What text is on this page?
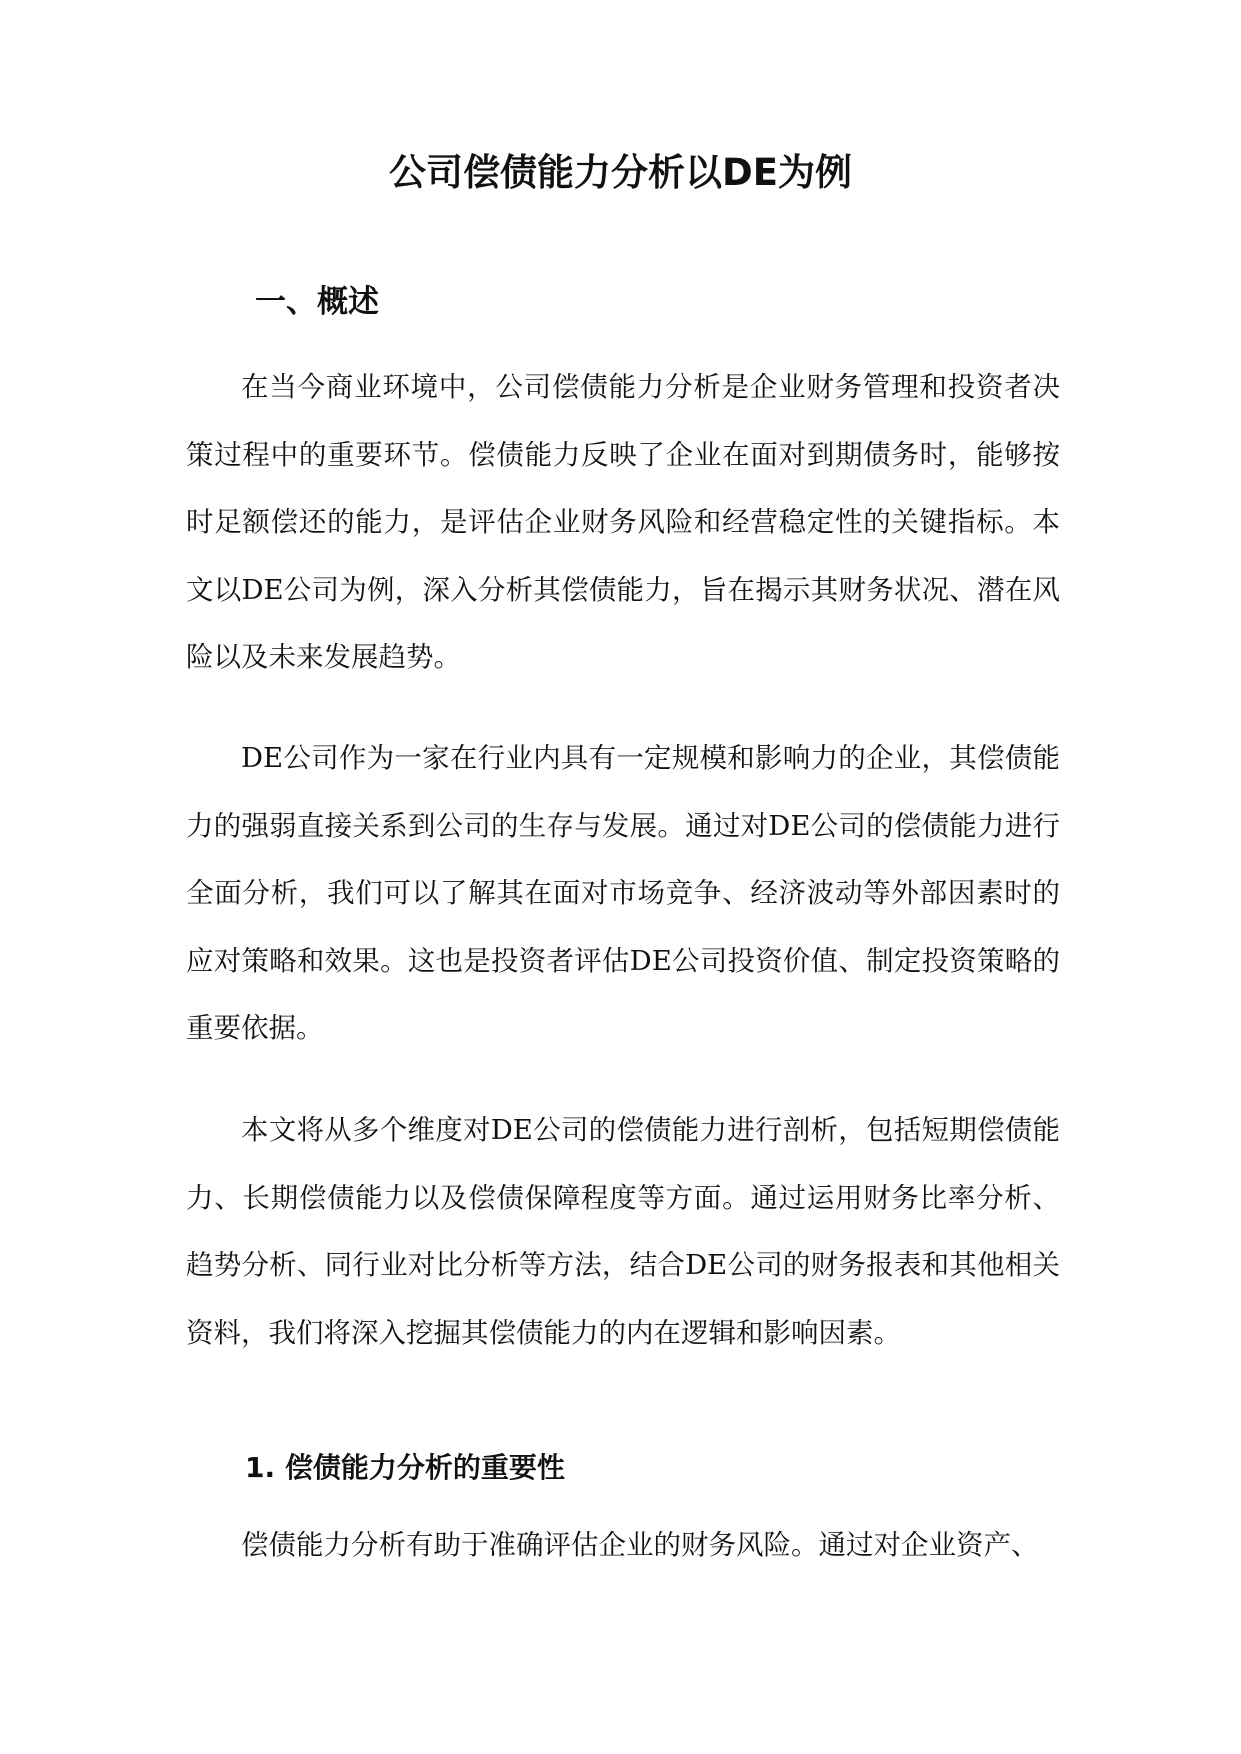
公司偿债能力分析以DE为例
一、概述

在当今商业环境中，公司偿债能力分析是企业财务管理和投资者决策过程中的重要环节。偿债能力反映了企业在面对到期债务时，能够按时足额偿还的能力，是评估企业财务风险和经营稳定性的关键指标。本文以DE公司为例，深入分析其偿债能力，旨在揭示其财务状况、潜在风险以及未来发展趋势。

DE公司作为一家在行业内具有一定规模和影响力的企业，其偿债能力的强弱直接关系到公司的生存与发展。通过对DE公司的偿债能力进行全面分析，我们可以了解其在面对市场竞争、经济波动等外部因素时的应对策略和效果。这也是投资者评估DE公司投资价值、制定投资策略的重要依据。

本文将从多个维度对DE公司的偿债能力进行剖析，包括短期偿债能力、长期偿债能力以及偿债保障程度等方面。通过运用财务比率分析、趋势分析、同行业对比分析等方法，结合DE公司的财务报表和其他相关资料，我们将深入挖掘其偿债能力的内在逻辑和影响因素。

1. 偿债能力分析的重要性

偿债能力分析有助于准确评估企业的财务风险。通过对企业资产、
